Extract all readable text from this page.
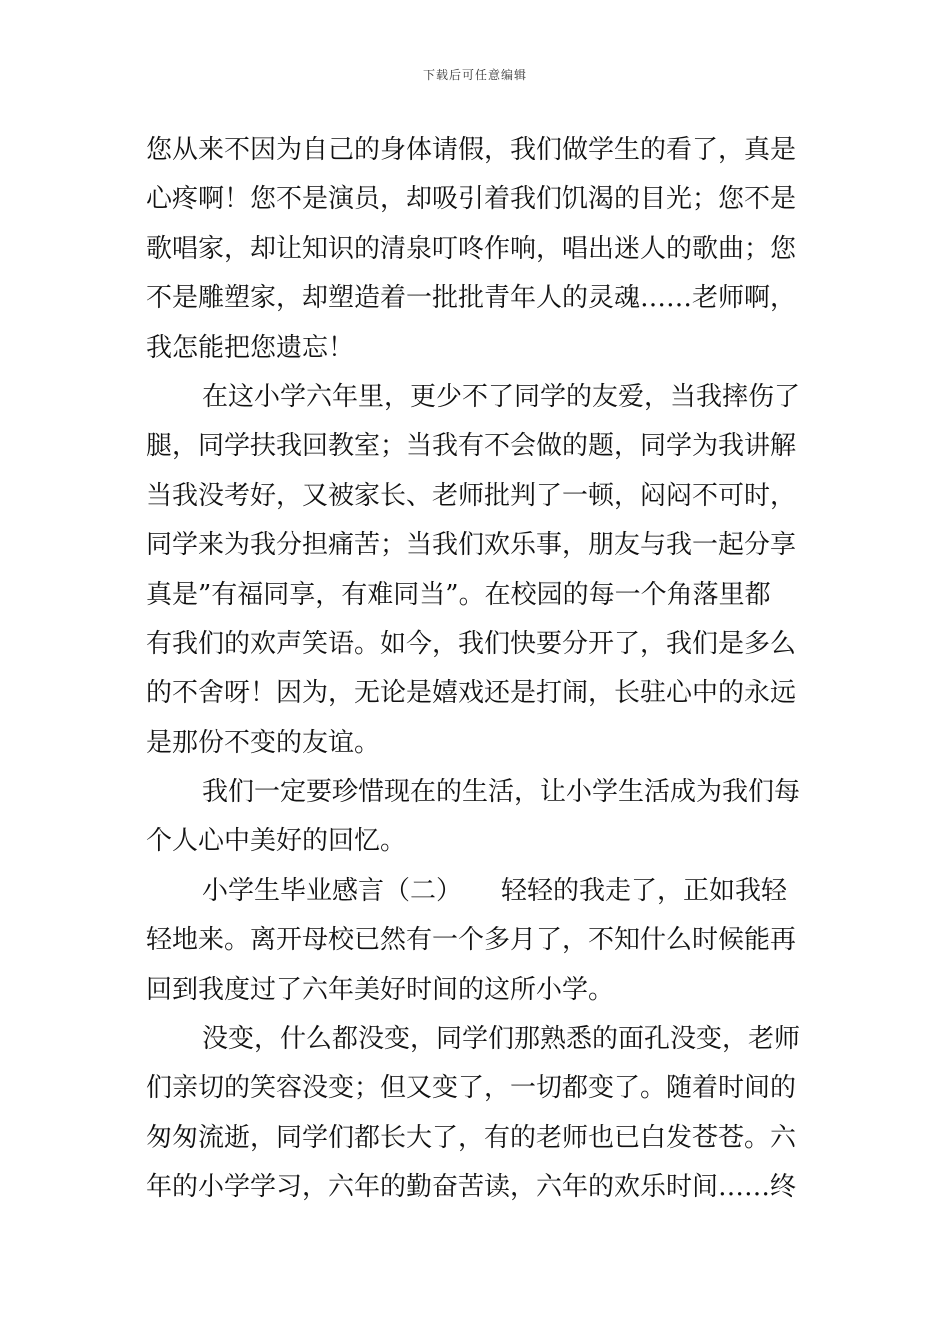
下载后可任意编辑
您从来不因为自己的身体请假，我们做学生的看了，真是
心疼啊！您不是演员，却吸引着我们饥渴的目光；您不是
歌唱家，却让知识的清泉叮咚作响，唱出迷人的歌曲；您
不是雕塑家，却塑造着一批批青年人的灵魂……老师啊，
我怎能把您遗忘！
在这小学六年里，更少不了同学的友爱，当我摔伤了
腿，同学扶我回教室；当我有不会做的题，同学为我讲解
当我没考好，又被家长、老师批判了一顿，闷闷不可时，
同学来为我分担痛苦；当我们欢乐事，朋友与我一起分享
真是”有福同享，有难同当”。在校园的每一个角落里都
有我们的欢声笑语。如今，我们快要分开了，我们是多么
的不舍呀！因为，无论是嬉戏还是打闹，长驻心中的永远
是那份不变的友谊。
我们一定要珍惜现在的生活，让小学生活成为我们每
个人心中美好的回忆。
小学生毕业感言（二）　　轻轻的我走了，正如我轻
轻地来。离开母校已然有一个多月了，不知什么时候能再
回到我度过了六年美好时间的这所小学。
没变，什么都没变，同学们那熟悉的面孔没变，老师
们亲切的笑容没变；但又变了，一切都变了。随着时间的
匆匆流逝，同学们都长大了，有的老师也已白发苍苍。六
年的小学学习，六年的勤奋苦读，六年的欢乐时间……终
